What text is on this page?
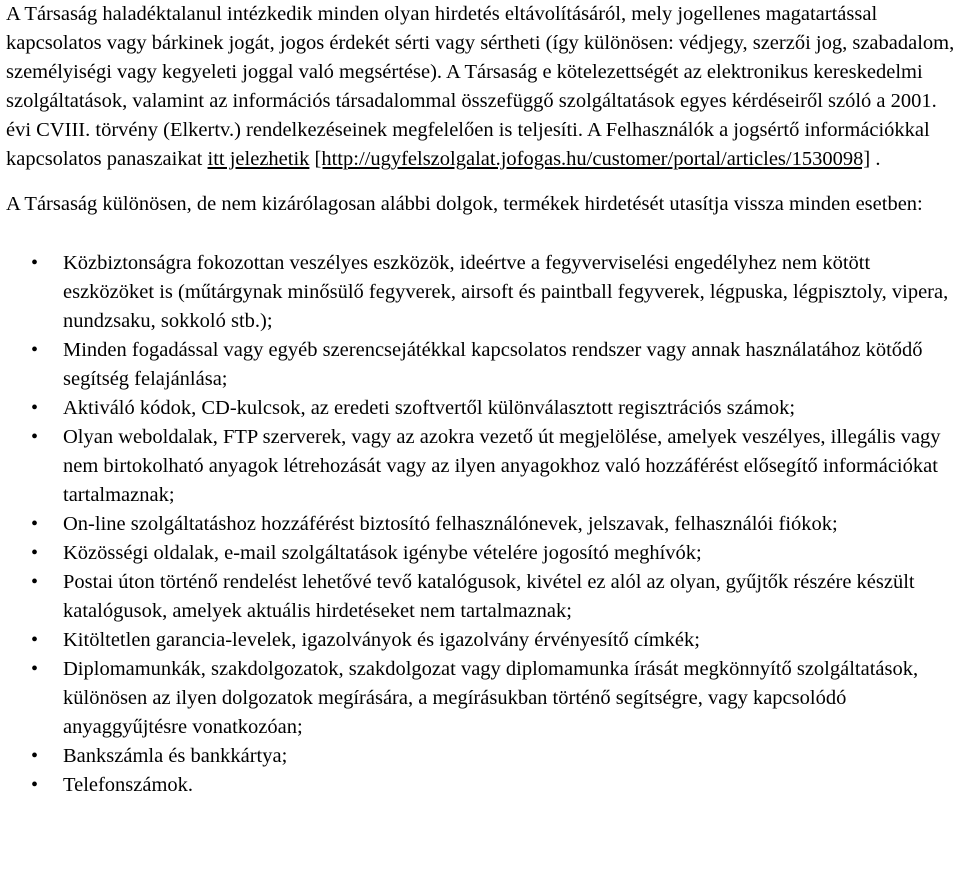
A Társaság haladéktalanul intézkedik minden olyan hirdetés eltávolításáról, mely jogellenes magatartással kapcsolatos vagy bárkinek jogát, jogos érdekét sérti vagy sértheti (így különösen: védjegy, szerzői jog, szabadalom, személyiségi vagy kegyeleti joggal való megsértése). A Társaság e kötelezettségét az elektronikus kereskedelmi szolgáltatások, valamint az információs társadalommal összefüggő szolgáltatások egyes kérdéseiről szóló a 2001. évi CVIII. törvény (Elkertv.) rendelkezéseinek megfelelően is teljesíti. A Felhasználók a jogsértő információkkal kapcsolatos panaszaikat itt jelezhetik [http://ugyfelszolgalat.jofogas.hu/customer/portal/articles/1530098] .

A Társaság különösen, de nem kizárólagosan alábbi dolgok, termékek hirdetését utasítja vissza minden esetben:

• Közbiztonságra fokozottan veszélyes eszközök, ideértve a fegyverviselési engedélyhez nem kötött eszközöket is (műtárgynak minősülő fegyverek, airsoft és paintball fegyverek, légpuska, légpisztoly, vipera, nundzsaku, sokkoló stb.);
• Minden fogadással vagy egyéb szerencsejátékkal kapcsolatos rendszer vagy annak használatához kötődő segítség felajánlása;
• Aktiváló kódok, CD-kulcsok, az eredeti szoftvertől különválasztott regisztrációs számok;
• Olyan weboldalak, FTP szerverek, vagy az azokra vezető út megjelölése, amelyek veszélyes, illegális vagy nem birtokolható anyagok létrehozását vagy az ilyen anyagokhoz való hozzáférést elősegítő információkat tartalmaznak;
• On-line szolgáltatáshoz hozzáférést biztosító felhasználónevek, jelszavak, felhasználói fiókok;
• Közösségi oldalak, e-mail szolgáltatások igénybe vételére jogosító meghívók;
• Postai úton történő rendelést lehetővé tevő katalógusok, kivétel ez alól az olyan, gyűjtők részére készült katalógusok, amelyek aktuális hirdetéseket nem tartalmaznak;
• Kitöltetlen garancia-levelek, igazolványok és igazolvány érvényesítő címkék;
• Diplomamunkák, szakdolgozatok, szakdolgozat vagy diplomamunka írását megkönnyítő szolgáltatások, különösen az ilyen dolgozatok megírására, a megírásukban történő segítségre, vagy kapcsolódó anyaggyűjtésre vonatkozóan;
• Bankszámla és bankkártya;
• Telefonszámok.
